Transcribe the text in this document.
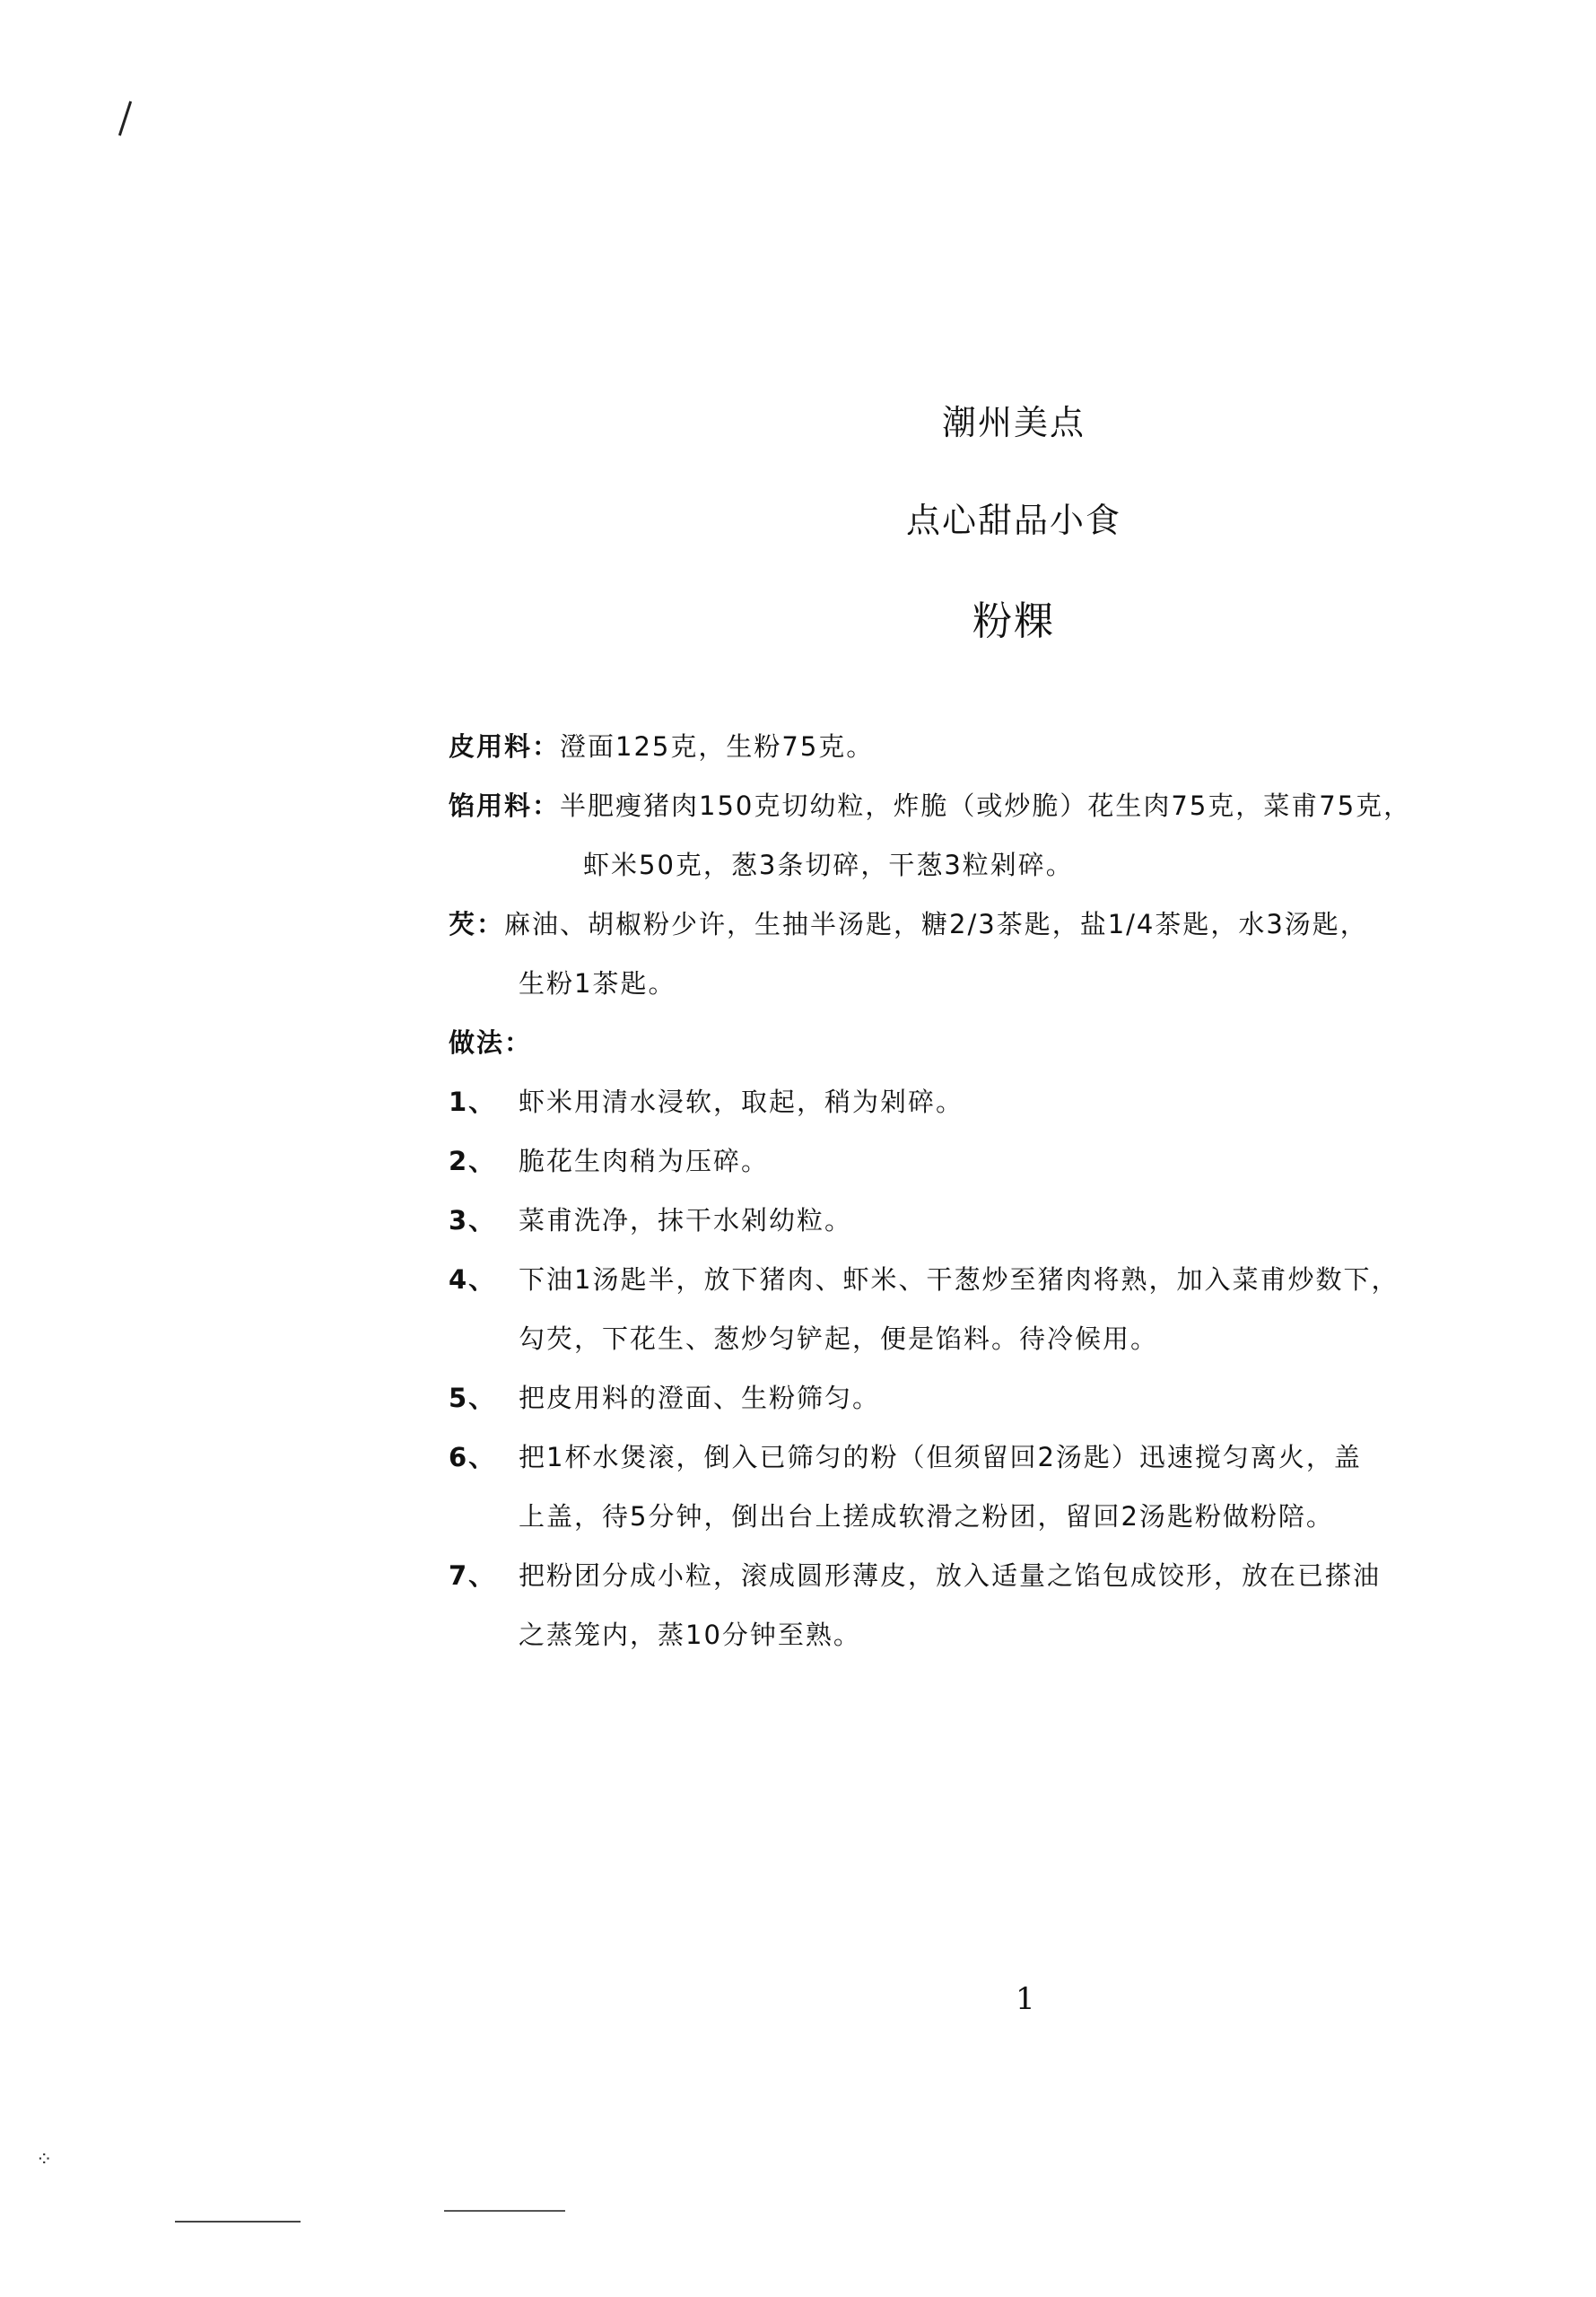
⁘
潮州美点
点心甜品小食
粉粿
皮用料： 澄面125克，生粉75克。
馅用料： 半肥瘦猪肉150克切幼粒，炸脆（或炒脆）花生肉75克，菜甫75克，
虾米50克，葱3条切碎，干葱3粒剁碎。
芡： 麻油、胡椒粉少许，生抽半汤匙，糖2/3茶匙，盐1/4茶匙，水3汤匙，
生粉1茶匙。
做法：
1、 虾米用清水浸软，取起，稍为剁碎。
2、 脆花生肉稍为压碎。
3、 菜甫洗净，抹干水剁幼粒。
4、 下油1汤匙半，放下猪肉、虾米、干葱炒至猪肉将熟，加入菜甫炒数下，
勾芡，下花生、葱炒匀铲起，便是馅料。待冷候用。
5、 把皮用料的澄面、生粉筛匀。
6、 把1杯水煲滚，倒入已筛匀的粉（但须留回2汤匙）迅速搅匀离火，盖
上盖，待5分钟，倒出台上搓成软滑之粉团，留回2汤匙粉做粉陪。
7、 把粉团分成小粒，滚成圆形薄皮，放入适量之馅包成饺形，放在已搽油
之蒸笼内，蒸10分钟至熟。
1
